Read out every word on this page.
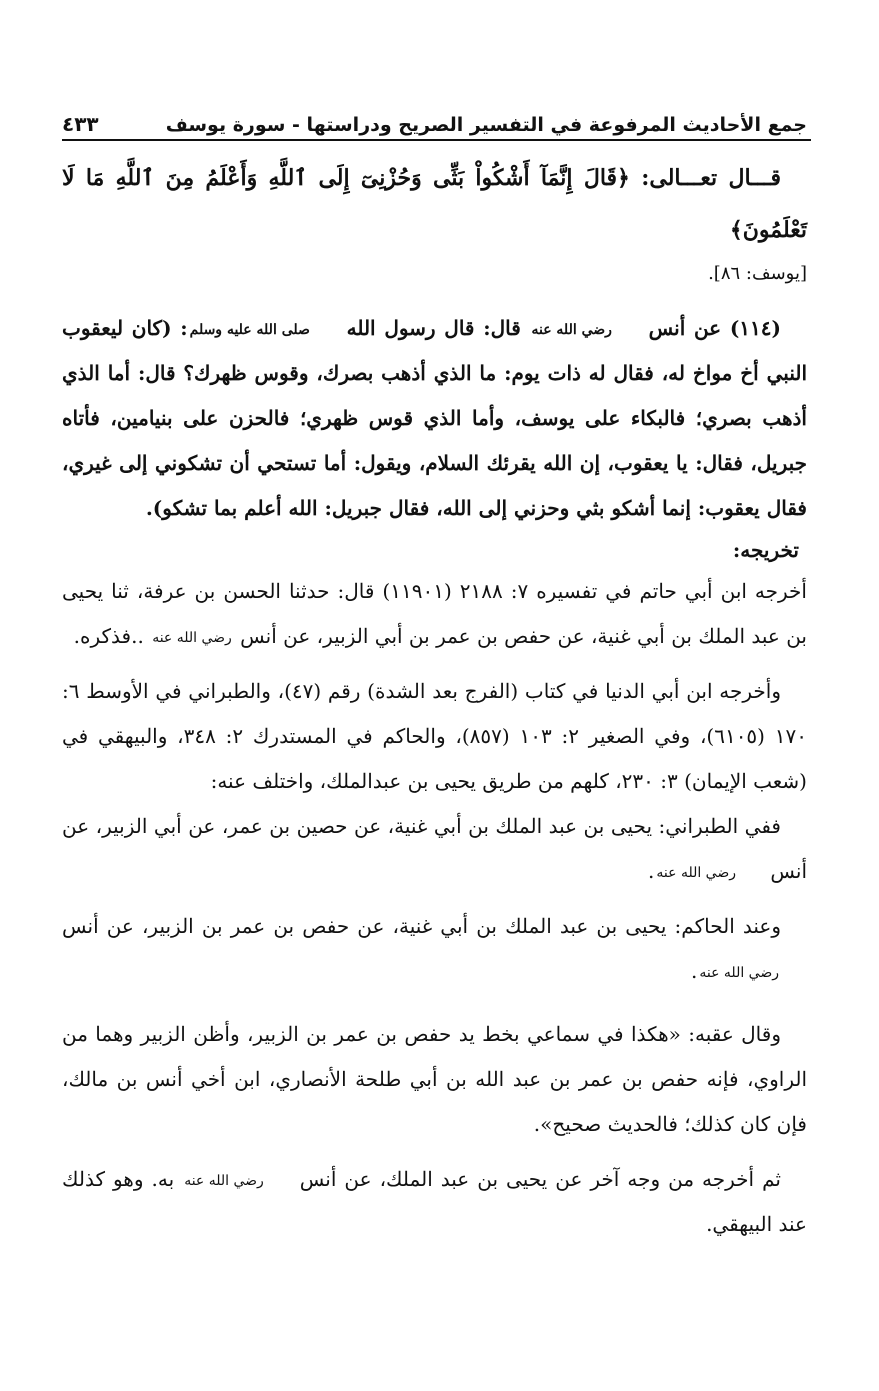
جمع الأحاديث المرفوعة في التفسير الصريح ودراستها - سورة يوسف
٤٣٣

قـــال تعـــالى: ﴿قَالَ إِنَّمَآ أَشْكُواْ بَثِّى وَحُزْنِىٓ إِلَى ٱللَّهِ وَأَعْلَمُ مِنَ ٱللَّهِ مَا لَا تَعْلَمُونَ﴾

[يوسف: ٨٦].

(١١٤) عن أنس رضي الله عنه قال: قال رسول الله صلى الله عليه وسلم: (كان ليعقوب النبي أخ مواخ له، فقال له ذات يوم: ما الذي أذهب بصرك، وقوس ظهرك؟ قال: أما الذي أذهب بصري؛ فالبكاء على يوسف، وأما الذي قوس ظهري؛ فالحزن على بنيامين، فأتاه جبريل، فقال: يا يعقوب، إن الله يقرئك السلام، ويقول: أما تستحي أن تشكوني إلى غيري، فقال يعقوب: إنما أشكو بثي وحزني إلى الله، فقال جبريل: الله أعلم بما تشكو).

تخريجه:

أخرجه ابن أبي حاتم في تفسيره ٧: ٢١٨٨ (١١٩٠١) قال: حدثنا الحسن بن عرفة، ثنا يحيى بن عبد الملك بن أبي غنية، عن حفص بن عمر بن أبي الزبير، عن أنس رضي الله عنه ..فذكره.

وأخرجه ابن أبي الدنيا في كتاب (الفرج بعد الشدة) رقم (٤٧)، والطبراني في الأوسط ٦: ١٧٠ (٦١٠٥)، وفي الصغير ٢: ١٠٣ (٨٥٧)، والحاكم في المستدرك ٢: ٣٤٨، والبيهقي في (شعب الإيمان) ٣: ٢٣٠، كلهم من طريق يحيى بن عبدالملك، واختلف عنه:

ففي الطبراني: يحيى بن عبد الملك بن أبي غنية، عن حصين بن عمر، عن أبي الزبير، عن أنس رضي الله عنه.

وعند الحاكم: يحيى بن عبد الملك بن أبي غنية، عن حفص بن عمر بن الزبير، عن أنس رضي الله عنه.

وقال عقبه: «هكذا في سماعي بخط يد حفص بن عمر بن الزبير، وأظن الزبير وهما من الراوي، فإنه حفص بن عمر بن عبد الله بن أبي طلحة الأنصاري، ابن أخي أنس بن مالك، فإن كان كذلك؛ فالحديث صحيح».

ثم أخرجه من وجه آخر عن يحيى بن عبد الملك، عن أنس رضي الله عنه به. وهو كذلك عند البيهقي.
